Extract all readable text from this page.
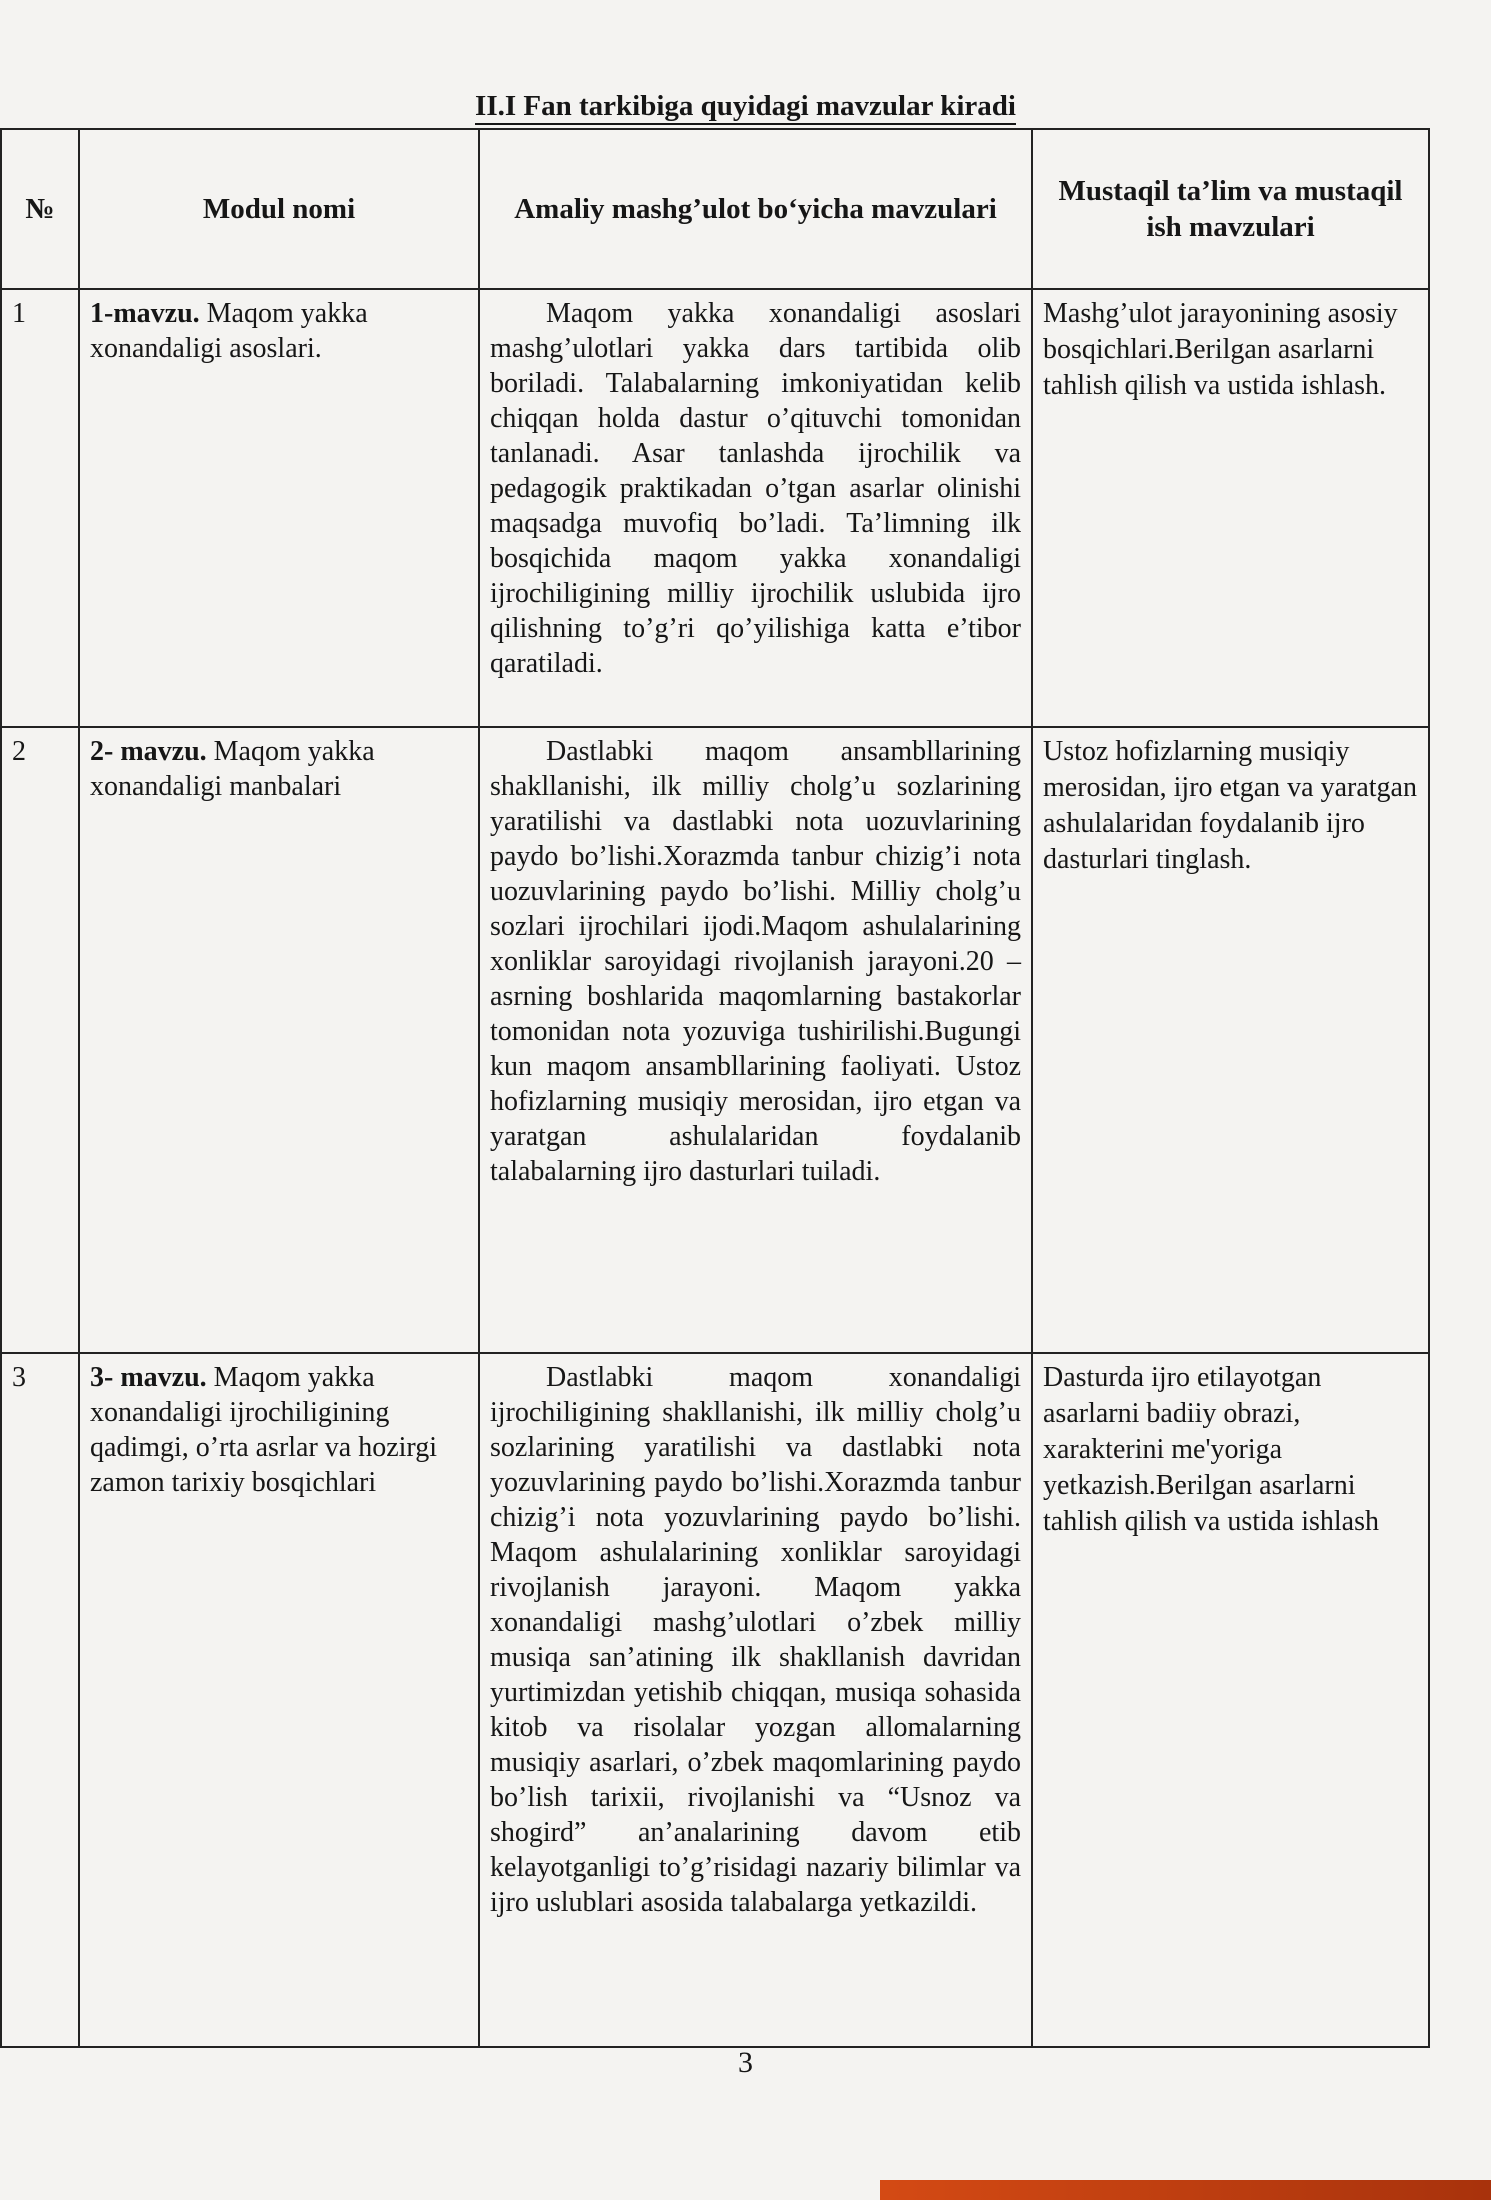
II.I Fan tarkibiga quyidagi mavzular kiradi
№	Modul nomi	Amaliy mashg’ulot bo‘yicha mavzulari	Mustaqil ta’lim va mustaqil ish mavzulari
1	1-mavzu. Maqom yakka xonandaligi asoslari.	Maqom yakka xonandaligi asoslari mashg’ulotlari yakka dars tartibida olib boriladi. Talabalarning imkoniyatidan kelib chiqqan holda dastur o’qituvchi tomonidan tanlanadi. Asar tanlashda ijrochilik va pedagogik praktikadan o’tgan asarlar olinishi maqsadga muvofiq bo’ladi. Ta’limning ilk bosqichida maqom yakka xonandaligi ijrochiligining milliy ijrochilik uslubida ijro qilishning to’g’ri qo’yilishiga katta e’tibor qaratiladi.	Mashg’ulot jarayonining asosiy bosqichlari.Berilgan asarlarni tahlish qilish va ustida ishlash.
2	2- mavzu. Maqom yakka xonandaligi manbalari	Dastlabki maqom ansambllarining shakllanishi, ilk milliy cholg’u sozlarining yaratilishi va dastlabki nota uozuvlarining paydo bo’lishi.Xorazmda tanbur chizig’i nota uozuvlarining paydo bo’lishi. Milliy cholg’u sozlari ijrochilari ijodi.Maqom ashulalarining xonliklar saroyidagi rivojlanish jarayoni.20 – asrning boshlarida maqomlarning bastakorlar tomonidan nota yozuviga tushirilishi.Bugungi kun maqom ansambllarining faoliyati. Ustoz hofizlarning musiqiy merosidan, ijro etgan va yaratgan ashulalaridan foydalanib talabalarning ijro dasturlari tuiladi.	Ustoz hofizlarning musiqiy merosidan, ijro etgan va yaratgan ashulalaridan foydalanib ijro dasturlari tinglash.
3	3- mavzu. Maqom yakka xonandaligi ijrochiligining qadimgi, o’rta asrlar va hozirgi zamon tarixiy bosqichlari	Dastlabki maqom xonandaligi ijrochiligining shakllanishi, ilk milliy cholg’u sozlarining yaratilishi va dastlabki nota yozuvlarining paydo bo’lishi.Xorazmda tanbur chizig’i nota yozuvlarining paydo bo’lishi. Maqom ashulalarining xonliklar saroyidagi rivojlanish jarayoni. Maqom yakka xonandaligi mashg’ulotlari o’zbek milliy musiqa san’atining ilk shakllanish davridan yurtimizdan yetishib chiqqan, musiqa sohasida kitob va risolalar yozgan allomalarning musiqiy asarlari, o’zbek maqomlarining paydo bo’lish tarixii, rivojlanishi va “Usnoz va shogird” an’analarining davom etib kelayotganligi to’g’risidagi nazariy bilimlar va ijro uslublari asosida talabalarga yetkazildi.	Dasturda ijro etilayotgan asarlarni badiiy obrazi, xarakterini me'yoriga yetkazish.Berilgan asarlarni tahlish qilish va ustida ishlash
3
